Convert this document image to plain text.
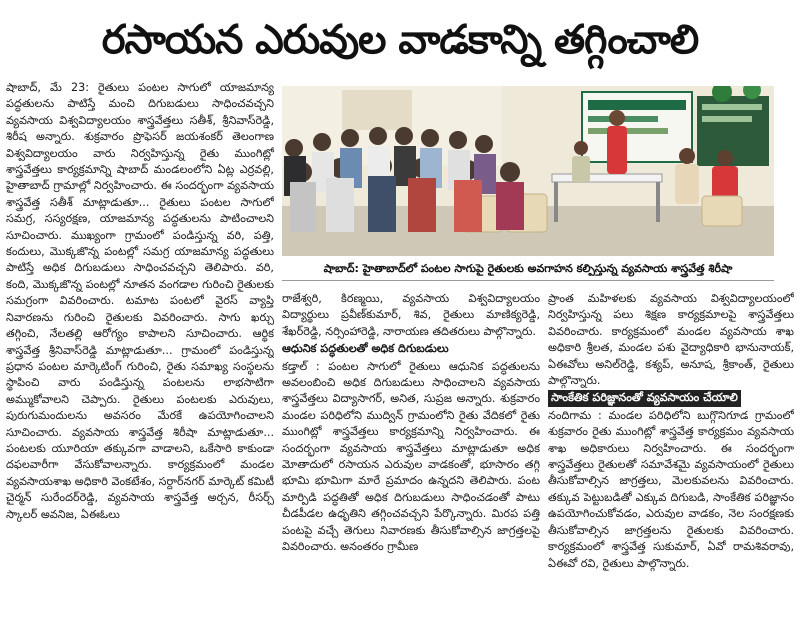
రసాయన ఎరువుల వాడకాన్ని తగ్గించాలి

షాబాద్, మే 23: రైతులు పంటల సాగులో యాజమాన్య పద్ధతులను పాటిస్తే మంచి దిగుబడులు సాధించవచ్చని వ్యవసాయ విశ్వవిద్యాలయం శాస్త్రవేత్తలు సతీశ్, శ్రీనివాస్‌రెడ్డి, శిరీష అన్నారు. శుక్రవారం ప్రొఫెసర్ జయశంకర్ తెలంగాణ విశ్వవిద్యాలయం వారు నిర్వహిస్తున్న రైతు ముంగిట్లో శాస్త్రవేత్తలు కార్యక్రమాన్ని షాబాద్ మండలంలోని ఏట్ల ఎర్రవల్లి, హైతాబాద్ గ్రామాల్లో నిర్వహించారు. ఈ సందర్భంగా వ్యవసాయ శాస్త్రవేత్త సతీశ్ మాట్లాడుతూ... రైతులు పంటల సాగులో సమగ్ర, సస్యరక్షణ, యాజమాన్య పద్ధతులను పాటించాలని సూచించారు. ముఖ్యంగా గ్రామంలో పండిస్తున్న వరి, పత్తి, కందులు, మొక్కజొన్న పంటల్లో సమగ్ర యాజమాన్య పద్ధతులు పాటిస్తే అధిక దిగుబడులు సాధించవచ్చని తెలిపారు. వరి, కంది, మొక్కజొన్న పంటల్లో నూతన వంగడాల గురించి రైతులకు సమగ్రంగా వివరించారు. టమాట పంటలో వైరస్ వ్యాప్తి నివారణను గురించి రైతులకు వివరించారు. సాగు ఖర్చు తగ్గించి, నేలతల్లి ఆరోగ్యం కాపాలని సూచించారు. ఆర్థిక శాస్త్రవేత్త శ్రీనివాస్‌రెడ్డి మాట్లాడుతూ... గ్రామంలో పండిస్తున్న ప్రధాన పంటల మార్కెటింగ్ గురించి, రైతు సమాఖ్య సంస్థలను స్థాపించి వారు పండిస్తున్న పంటలను లాభసాటిగా అమ్ముకోవాలని చెప్పారు. రైతులు పంటలకు ఎరువులు, పురుగుమందులను అవసరం మేరకే ఉపయోగించాలని సూచించారు. వ్యవసాయ శాస్త్రవేత్త శిరీషా మాట్లాడుతూ... పంటలకు యూరియా తక్కువగా వాడాలని, ఒకేసారి కాకుండా దఫలవారీగా వేసుకోవాలన్నారు. కార్యక్రమంలో మండల వ్యవసాయశాఖ అధికారి వెంకటేశం, సర్దార్‌నగర్ మార్కెట్ కమిటీ చైర్మన్ సురేందర్‌రెడ్డి, వ్యవసాయ శాస్త్రవేత్త అర్చన, రీసర్చ్ స్కాలర్ అవనిజ, ఏఈఓలు

షాబాద్: హైతాబాద్‌లో పంటల సాగుపై రైతులకు అవగాహన కల్పిస్తున్న వ్యవసాయ శాస్త్రవేత్త శిరీషా

రాజేశ్వరి, కిరణ్మయి, వ్యవసాయ విశ్వవిద్యాలయం విద్యార్థులు ప్రవీణ్‌కుమార్, శివ, రైతులు మాణిక్యరెడ్డి, శేఖర్‌రెడ్డి, నర్సింహారెడ్డి, నారాయణ తదితరులు పాల్గొన్నారు.

ఆధునిక పద్ధతులతో అధిక దిగుబడులు

కడ్తాల్ : పంటల సాగులో రైతులు ఆధునిక పద్ధతులను అవలంబించి అధిక దిగుబడులు సాధించాలని వ్యవసాయ శాస్త్రవేత్తలు విద్యాసాగర్, అనిత, సుప్రజ అన్నారు. శుక్రవారం మండల పరిధిలోని ముద్విన్ గ్రామంలోని రైతు వేదికలో రైతు ముంగిట్లో శాస్త్రవేత్తలు కార్యక్రమాన్ని నిర్వహించారు. ఈ సందర్భంగా వ్యవసాయ శాస్త్రవేత్తలు మాట్లాడుతూ అధిక మోతాదులో రసాయన ఎరువుల వాడకంతో, భూసారం తగ్గి భూమి భూమిగా మారే ప్రమాదం ఉన్నదని తెలిపారు. పంట మార్పిడి పద్ధతితో అధిక దిగుబడులు సాధించడంతో పాటు చీడపీడల ఉధృతిని తగ్గించవచ్చని పేర్కొన్నారు. మిరప పత్తి పంటపై వచ్చే తెగులు నివారణకు తీసుకోవాల్సిన జాగ్రత్తలపై వివరించారు. అనంతరం గ్రామీణ

ప్రాంత మహిళలకు వ్యవసాయ విశ్వవిద్యాలయంలో నిర్వహిస్తున్న పలు శిక్షణ కార్యక్రమాలపై శాస్త్రవేత్తలు వివరించారు. కార్యక్రమంలో మండల వ్యవసాయ శాఖ అధికారి శ్రీలత, మండల పశు వైద్యాధికారి భానునాయక్, ఏఈవోలు అనిల్‌రెడ్డి, కశ్యప్, అనూష, శ్రీకాంత్, రైతులు పాల్గొన్నారు.

సాంకేతిక పరిజ్ఞానంతో వ్యవసాయం చేయాలి

నందిగామ : మండల పరిధిలోని బుగ్గొనిగూడ గ్రామంలో శుక్రవారం రైతు ముంగిట్లో శాస్త్రవేత్త కార్యక్రమం వ్యవసాయ శాఖ అధికారులు నిర్వహించారు. ఈ సందర్భంగా శాస్త్రవేత్తలు రైతులతో సమావేశమై వ్యవసాయంలో రైతులు తీసుకోవాల్సిన జాగ్రత్తలు, మెలకువలను వివరించారు. తక్కువ పెట్టుబడితో ఎక్కువ దిగుబడి, సాంకేతిక పరిజ్ఞానం ఉపయోగించుకోవడం, ఎరువుల వాడకం, నెల సంరక్షణకు తీసుకోవాల్సిన జాగ్రత్తలను రైతులకు వివరించారు. కార్యక్రమంలో శాస్త్రవేత్త సుకుమార్, ఏవో రామశివరావు, ఏఈవో రవి, రైతులు పాల్గొన్నారు.
